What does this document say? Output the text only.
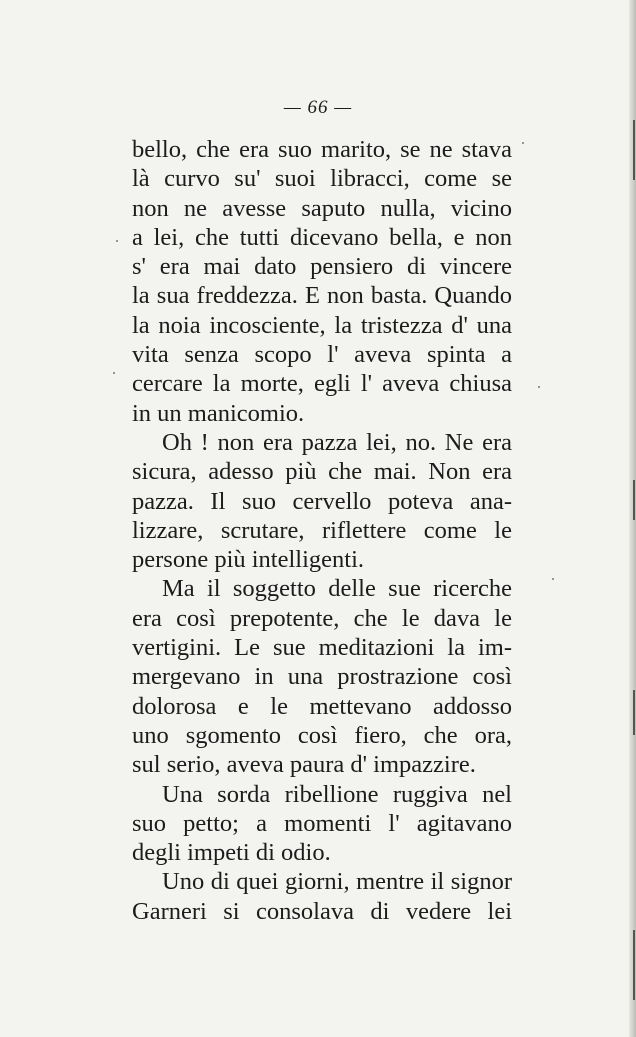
— 66 —
bello, che era suo marito, se ne stava
là curvo su' suoi libracci, come se
non ne avesse saputo nulla, vicino
a lei, che tutti dicevano bella, e non
s' era mai dato pensiero di vincere
la sua freddezza. E non basta. Quando
la noia incosciente, la tristezza d' una
vita senza scopo l' aveva spinta a
cercare la morte, egli l' aveva chiusa
in un manicomio.
Oh ! non era pazza lei, no. Ne era
sicura, adesso più che mai. Non era
pazza. Il suo cervello poteva ana-
lizzare, scrutare, riflettere come le
persone più intelligenti.
Ma il soggetto delle sue ricerche
era così prepotente, che le dava le
vertigini. Le sue meditazioni la im-
mergevano in una prostrazione così
dolorosa e le mettevano addosso
uno sgomento così fiero, che ora,
sul serio, aveva paura d' impazzire.
Una sorda ribellione ruggiva nel
suo petto; a momenti l' agitavano
degli impeti di odio.
Uno di quei giorni, mentre il signor
Garneri si consolava di vedere lei
